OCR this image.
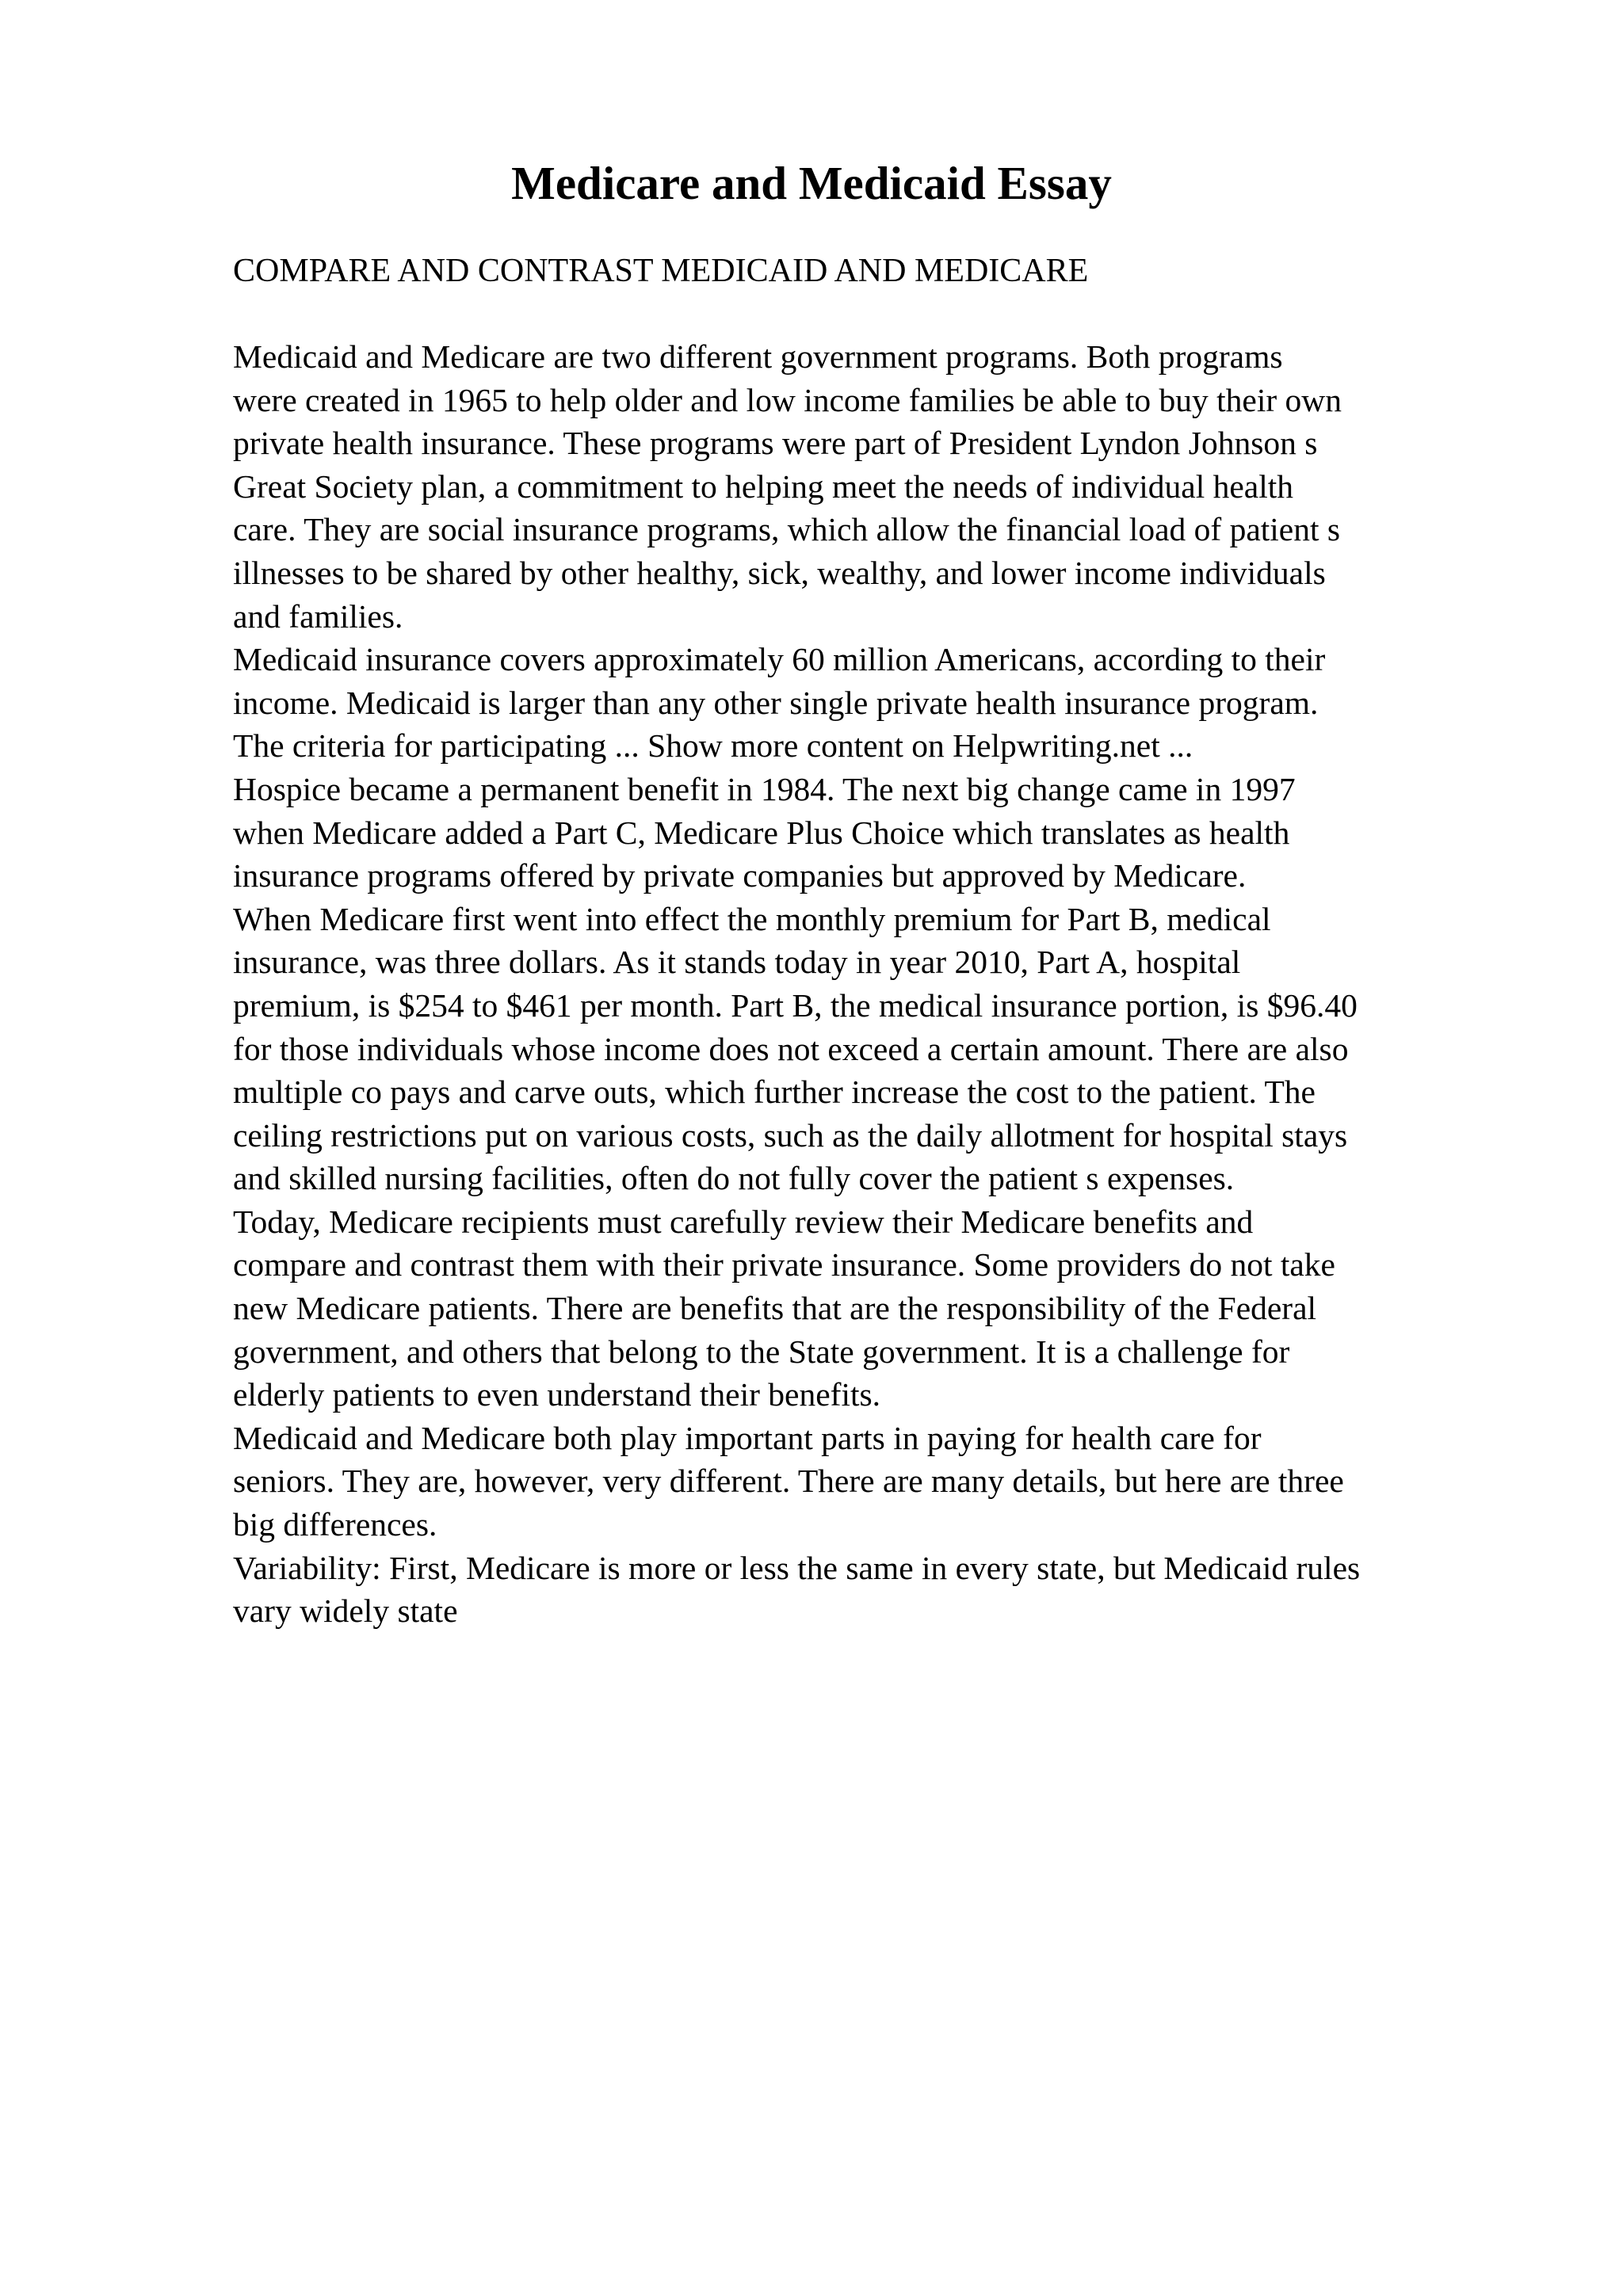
Medicare and Medicaid Essay

COMPARE AND CONTRAST MEDICAID AND MEDICARE

Medicaid and Medicare are two different government programs. Both programs
were created in 1965 to help older and low income families be able to buy their own
private health insurance. These programs were part of President Lyndon Johnson s
Great Society plan, a commitment to helping meet the needs of individual health
care. They are social insurance programs, which allow the financial load of patient s
illnesses to be shared by other healthy, sick, wealthy, and lower income individuals
and families.
Medicaid insurance covers approximately 60 million Americans, according to their
income. Medicaid is larger than any other single private health insurance program.
The criteria for participating ... Show more content on Helpwriting.net ...
Hospice became a permanent benefit in 1984. The next big change came in 1997
when Medicare added a Part C, Medicare Plus Choice which translates as health
insurance programs offered by private companies but approved by Medicare.
When Medicare first went into effect the monthly premium for Part B, medical
insurance, was three dollars. As it stands today in year 2010, Part A, hospital
premium, is $254 to $461 per month. Part B, the medical insurance portion, is $96.40
for those individuals whose income does not exceed a certain amount. There are also
multiple co pays and carve outs, which further increase the cost to the patient. The
ceiling restrictions put on various costs, such as the daily allotment for hospital stays
and skilled nursing facilities, often do not fully cover the patient s expenses.
Today, Medicare recipients must carefully review their Medicare benefits and
compare and contrast them with their private insurance. Some providers do not take
new Medicare patients. There are benefits that are the responsibility of the Federal
government, and others that belong to the State government. It is a challenge for
elderly patients to even understand their benefits.
Medicaid and Medicare both play important parts in paying for health care for
seniors. They are, however, very different. There are many details, but here are three
big differences.
Variability: First, Medicare is more or less the same in every state, but Medicaid rules
vary widely state
